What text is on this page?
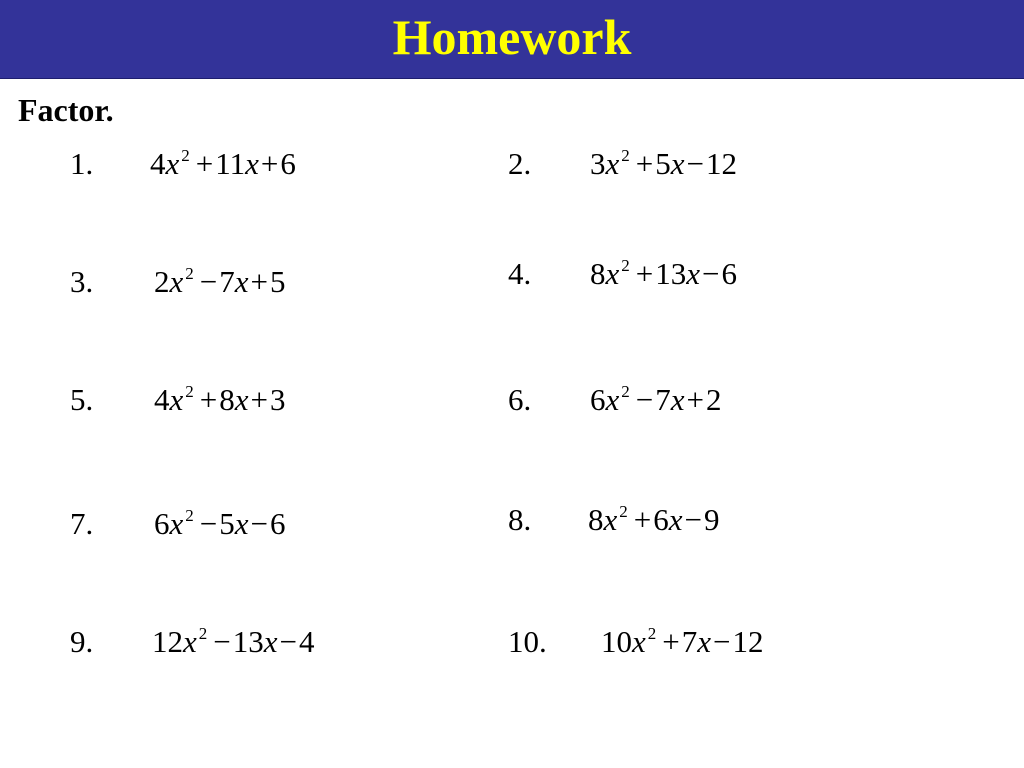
Homework
Factor.
1. 4x $^2$ +11x+6	2. 3x $^2$ +5x−12
3. 2x $^2$ −7x+5	4. 8x $^2$ +13x−6
5. 4x $^2$ +8x+3	6. 6x $^2$ −7x+2
7. 6x $^2$ −5x−6	8. 8x $^2$ +6x−9
9. 12x $^2$ −13x−4	10. 10x $^2$ +7x−12
